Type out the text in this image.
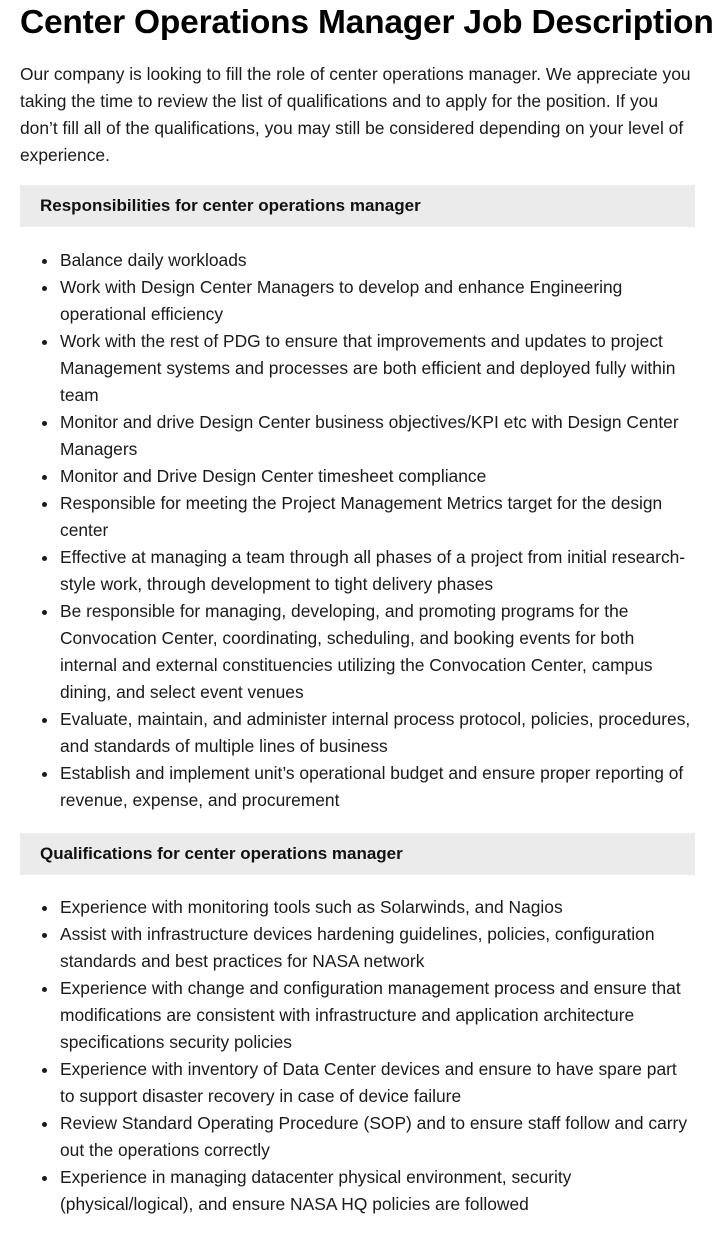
Center Operations Manager Job Description

Our company is looking to fill the role of center operations manager. We appreciate you taking the time to review the list of qualifications and to apply for the position. If you don’t fill all of the qualifications, you may still be considered depending on your level of experience.

Responsibilities for center operations manager
Balance daily workloads
Work with Design Center Managers to develop and enhance Engineering operational efficiency
Work with the rest of PDG to ensure that improvements and updates to project Management systems and processes are both efficient and deployed fully within team
Monitor and drive Design Center business objectives/KPI etc with Design Center Managers
Monitor and Drive Design Center timesheet compliance
Responsible for meeting the Project Management Metrics target for the design center
Effective at managing a team through all phases of a project from initial research-style work, through development to tight delivery phases
Be responsible for managing, developing, and promoting programs for the Convocation Center, coordinating, scheduling, and booking events for both internal and external constituencies utilizing the Convocation Center, campus dining, and select event venues
Evaluate, maintain, and administer internal process protocol, policies, procedures, and standards of multiple lines of business
Establish and implement unit’s operational budget and ensure proper reporting of revenue, expense, and procurement
Qualifications for center operations manager
Experience with monitoring tools such as Solarwinds, and Nagios
Assist with infrastructure devices hardening guidelines, policies, configuration standards and best practices for NASA network
Experience with change and configuration management process and ensure that modifications are consistent with infrastructure and application architecture specifications security policies
Experience with inventory of Data Center devices and ensure to have spare part to support disaster recovery in case of device failure
Review Standard Operating Procedure (SOP) and to ensure staff follow and carry out the operations correctly
Experience in managing datacenter physical environment, security (physical/logical), and ensure NASA HQ policies are followed
